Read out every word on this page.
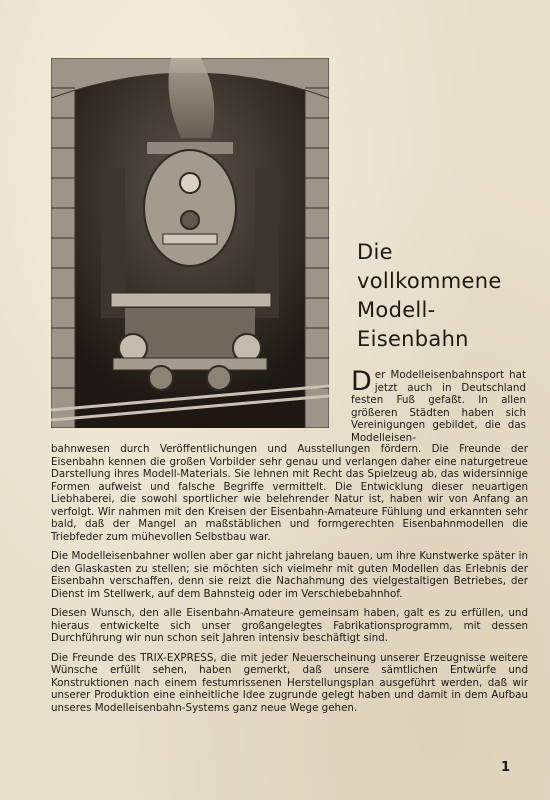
Die
vollkommene
Modell-
Eisenbahn

Der Modelleisenbahnsport hat jetzt auch in Deutschland festen Fuß gefaßt. In allen größeren Städten haben sich Vereinigungen gebildet, die das Modelleisen-

bahnwesen durch Veröffentlichungen und Ausstellungen fördern. Die Freunde der Eisenbahn kennen die großen Vorbilder sehr genau und verlangen daher eine naturgetreue Darstellung ihres Modell-Materials. Sie lehnen mit Recht das Spielzeug ab, das widersinnige Formen aufweist und falsche Begriffe vermittelt. Die Entwicklung dieser neuartigen Liebhaberei, die sowohl sportlicher wie belehrender Natur ist, haben wir von Anfang an verfolgt. Wir nahmen mit den Kreisen der Eisenbahn-Amateure Fühlung und erkannten sehr bald, daß der Mangel an maßstäblichen und formgerechten Eisenbahnmodellen die Triebfeder zum mühevollen Selbstbau war.

Die Modelleisenbahner wollen aber gar nicht jahrelang bauen, um ihre Kunstwerke später in den Glaskasten zu stellen; sie möchten sich vielmehr mit guten Modellen das Erlebnis der Eisenbahn verschaffen, denn sie reizt die Nachahmung des vielgestaltigen Betriebes, der Dienst im Stellwerk, auf dem Bahnsteig oder im Verschiebebahnhof.

Diesen Wunsch, den alle Eisenbahn-Amateure gemeinsam haben, galt es zu erfüllen, und hieraus entwickelte sich unser großangelegtes Fabrikationsprogramm, mit dessen Durchführung wir nun schon seit Jahren intensiv beschäftigt sind.

Die Freunde des TRIX-EXPRESS, die mit jeder Neuerscheinung unserer Erzeugnisse weitere Wünsche erfüllt sehen, haben gemerkt, daß unsere sämtlichen Entwürfe und Konstruktionen nach einem festumrissenen Herstellungsplan ausgeführt werden, daß wir unserer Produktion eine einheitliche Idee zugrunde gelegt haben und damit in dem Aufbau unseres Modelleisenbahn-Systems ganz neue Wege gehen.

1
